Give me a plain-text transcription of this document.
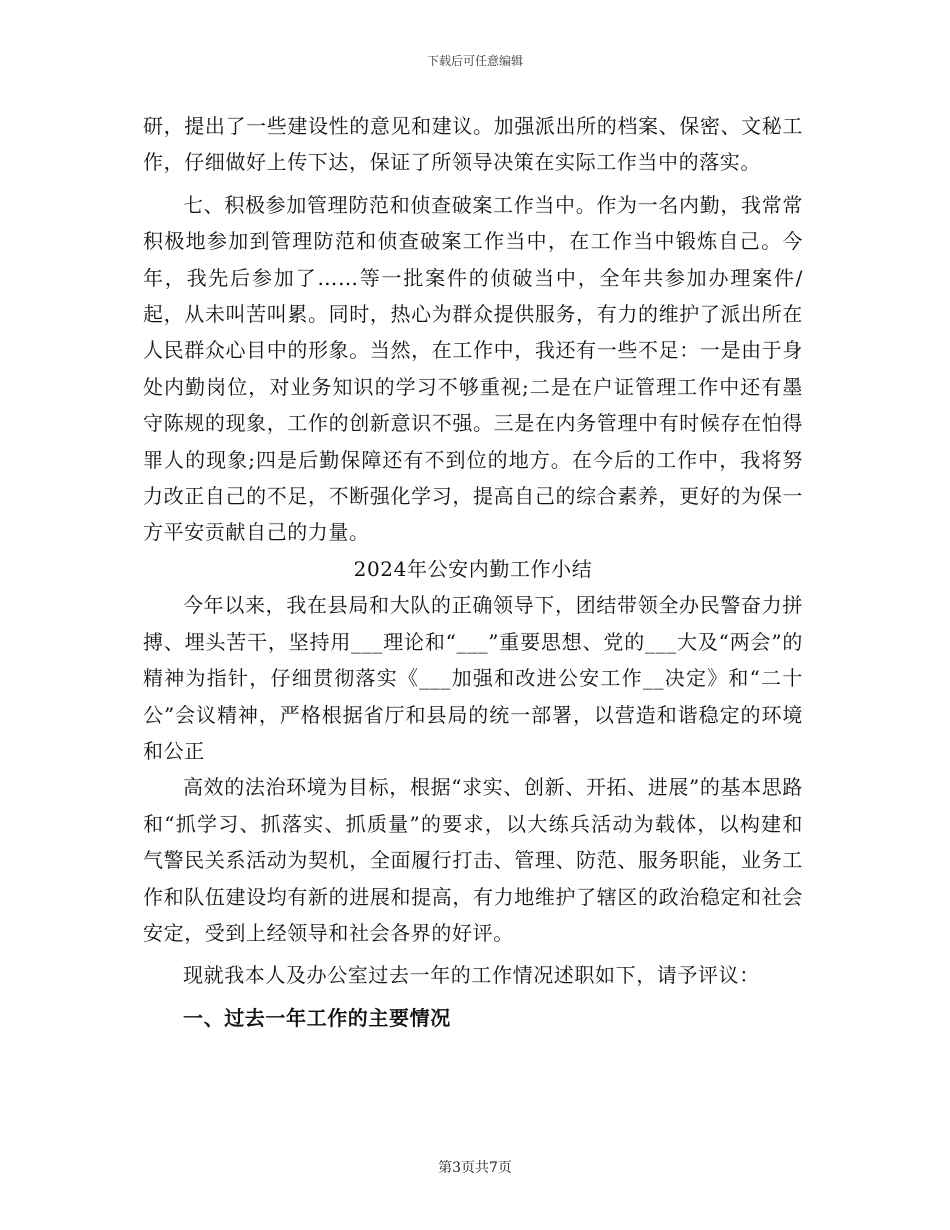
下载后可任意编辑

研，提出了一些建设性的意见和建议。加强派出所的档案、保密、文秘工作，仔细做好上传下达，保证了所领导决策在实际工作当中的落实。

七、积极参加管理防范和侦查破案工作当中。作为一名内勤，我常常积极地参加到管理防范和侦查破案工作当中，在工作当中锻炼自己。今年，我先后参加了……等一批案件的侦破当中，全年共参加办理案件/起，从未叫苦叫累。同时，热心为群众提供服务，有力的维护了派出所在人民群众心目中的形象。当然，在工作中，我还有一些不足：一是由于身处内勤岗位，对业务知识的学习不够重视;二是在户证管理工作中还有墨守陈规的现象，工作的创新意识不强。三是在内务管理中有时候存在怕得罪人的现象;四是后勤保障还有不到位的地方。在今后的工作中，我将努力改正自己的不足，不断强化学习，提高自己的综合素养，更好的为保一方平安贡献自己的力量。

2024年公安内勤工作小结

今年以来，我在县局和大队的正确领导下，团结带领全办民警奋力拼搏、埋头苦干，坚持用___理论和“___”重要思想、党的___大及“两会”的精神为指针，仔细贯彻落实《___加强和改进公安工作__决定》和“二十公”会议精神，严格根据省厅和县局的统一部署，以营造和谐稳定的环境和公正

高效的法治环境为目标，根据“求实、创新、开拓、进展”的基本思路和“抓学习、抓落实、抓质量”的要求，以大练兵活动为载体，以构建和气警民关系活动为契机，全面履行打击、管理、防范、服务职能，业务工作和队伍建设均有新的进展和提高，有力地维护了辖区的政治稳定和社会安定，受到上经领导和社会各界的好评。

现就我本人及办公室过去一年的工作情况述职如下，请予评议：

一、过去一年工作的主要情况

第3页共7页
